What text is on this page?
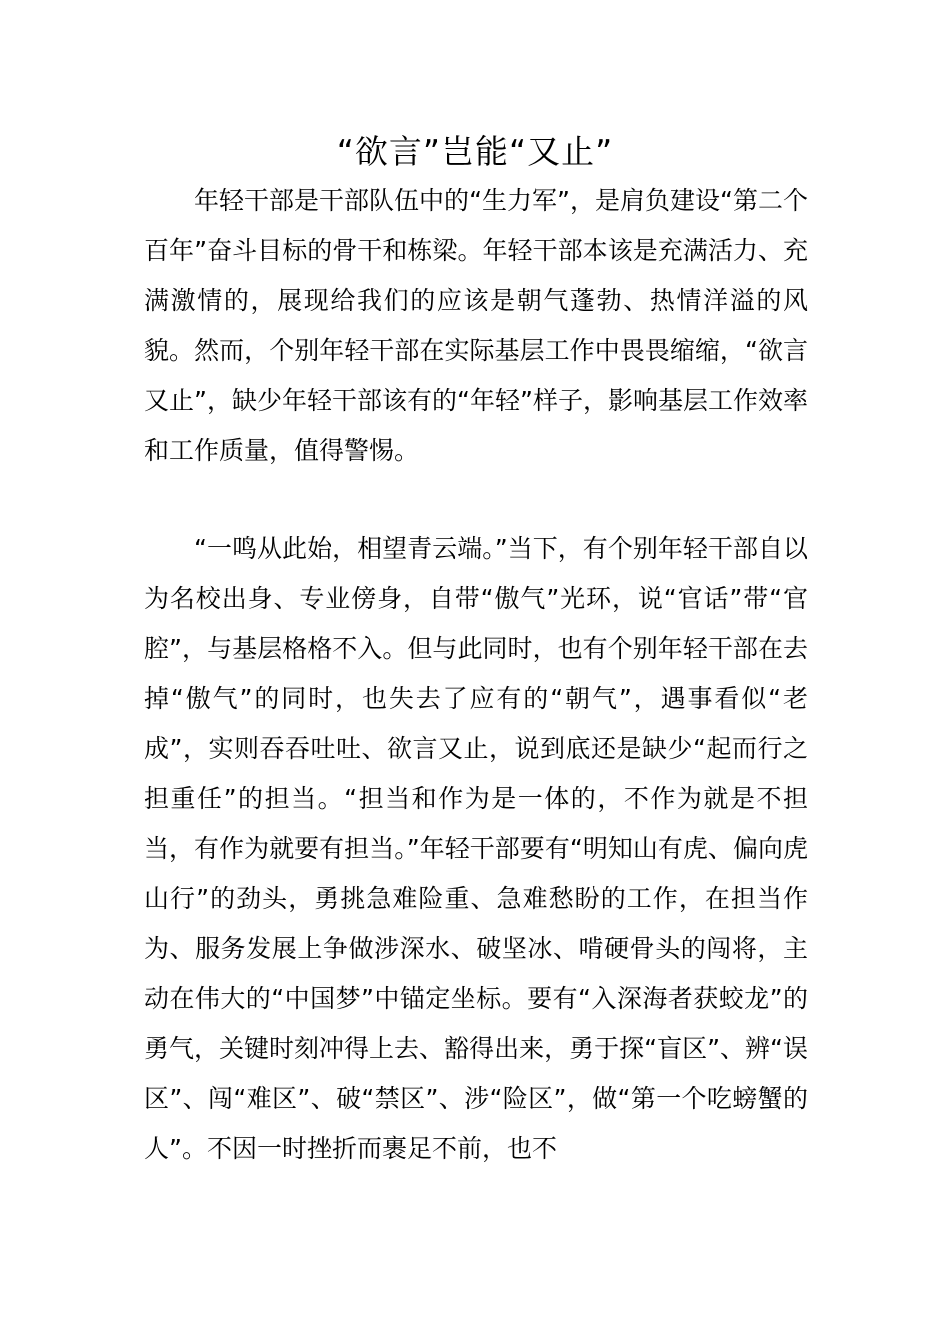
“欲言”岂能“又止”

年轻干部是干部队伍中的“生力军”，是肩负建设“第二个百年”奋斗目标的骨干和栋梁。年轻干部本该是充满活力、充满激情的，展现给我们的应该是朝气蓬勃、热情洋溢的风貌。然而，个别年轻干部在实际基层工作中畏畏缩缩，“欲言又止”，缺少年轻干部该有的“年轻”样子，影响基层工作效率和工作质量，值得警惕。

“一鸣从此始，相望青云端。”当下，有个别年轻干部自以为名校出身、专业傍身，自带“傲气”光环，说“官话”带“官腔”，与基层格格不入。但与此同时，也有个别年轻干部在去掉“傲气”的同时，也失去了应有的“朝气”，遇事看似“老成”，实则吞吞吐吐、欲言又止，说到底还是缺少“起而行之担重任”的担当。“担当和作为是一体的，不作为就是不担当，有作为就要有担当。”年轻干部要有“明知山有虎、偏向虎山行”的劲头，勇挑急难险重、急难愁盼的工作，在担当作为、服务发展上争做涉深水、破坚冰、啃硬骨头的闯将，主动在伟大的“中国梦”中锚定坐标。要有“入深海者获蛟龙”的勇气，关键时刻冲得上去、豁得出来，勇于探“盲区”、辨“误区”、闯“难区”、破“禁区”、涉“险区”，做“第一个吃螃蟹的人”。不因一时挫折而裹足不前，也不
